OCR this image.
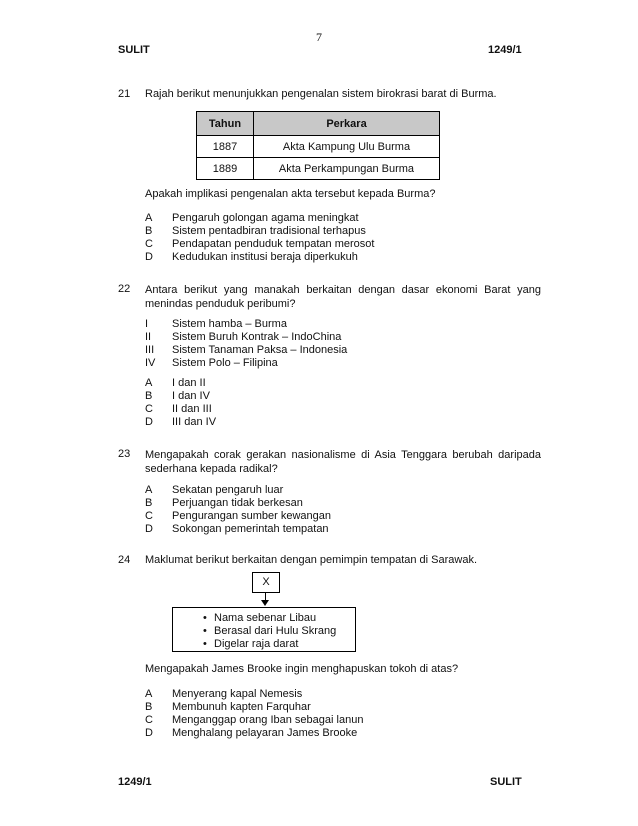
7
SULIT	1249/1
21 Rajah berikut menunjukkan pengenalan sistem birokrasi barat di Burma.
Tahun	Perkara
1887	Akta Kampung Ulu Burma
1889	Akta Perkampungan Burma
Apakah implikasi pengenalan akta tersebut kepada Burma?
A	Pengaruh golongan agama meningkat
B	Sistem pentadbiran tradisional terhapus
C	Pendapatan penduduk tempatan merosot
D	Kedudukan institusi beraja diperkukuh
22 Antara berikut yang manakah berkaitan dengan dasar ekonomi Barat yang menindas penduduk peribumi?
I	Sistem hamba – Burma
II	Sistem Buruh Kontrak – IndoChina
III	Sistem Tanaman Paksa – Indonesia
IV	Sistem Polo – Filipina
A	I dan II
B	I dan IV
C	II dan III
D	III dan IV
23 Mengapakah corak gerakan nasionalisme di Asia Tenggara berubah daripada sederhana kepada radikal?
A	Sekatan pengaruh luar
B	Perjuangan tidak berkesan
C	Pengurangan sumber kewangan
D	Sokongan pemerintah tempatan
24 Maklumat berikut berkaitan dengan pemimpin tempatan di Sarawak.
X
• Nama sebenar Libau
• Berasal dari Hulu Skrang
• Digelar raja darat
Mengapakah James Brooke ingin menghapuskan tokoh di atas?
A	Menyerang kapal Nemesis
B	Membunuh kapten Farquhar
C	Menganggap orang Iban sebagai lanun
D	Menghalang pelayaran James Brooke
1249/1	SULIT
